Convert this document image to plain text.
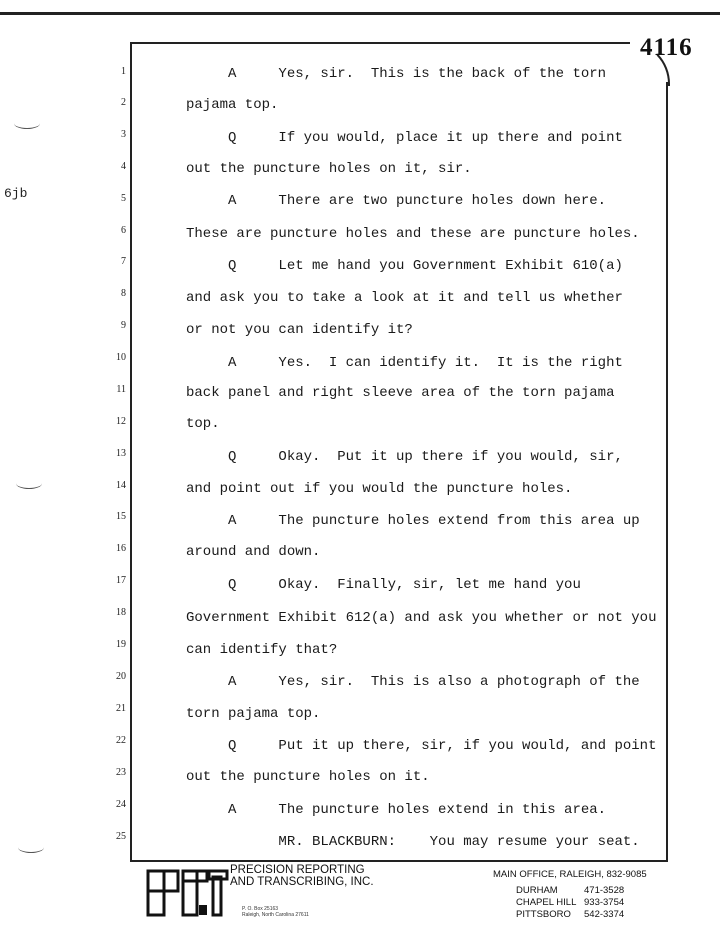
4116
6jb
1	A     Yes, sir.  This is the back of the torn
2	pajama top.
3	Q     If you would, place it up there and point
4	out the puncture holes on it, sir.
5	A     There are two puncture holes down here.
6	These are puncture holes and these are puncture holes.
7	Q     Let me hand you Government Exhibit 610(a)
8	and ask you to take a look at it and tell us whether
9	or not you can identify it?
10	A     Yes.  I can identify it.  It is the right
11	back panel and right sleeve area of the torn pajama
12	top.
13	Q     Okay.  Put it up there if you would, sir,
14	and point out if you would the puncture holes.
15	A     The puncture holes extend from this area up
16	around and down.
17	Q     Okay.  Finally, sir, let me hand you
18	Government Exhibit 612(a) and ask you whether or not you
19	can identify that?
20	A     Yes, sir.  This is also a photograph of the
21	torn pajama top.
22	Q     Put it up there, sir, if you would, and point
23	out the puncture holes on it.
24	A     The puncture holes extend in this area.
25	MR. BLACKBURN:    You may resume your seat.
PRECISION REPORTING
AND TRANSCRIBING, INC.
P. O. Box 25163
Raleigh, North Carolina 27611
MAIN OFFICE, RALEIGH, 832-9085
DURHAM	471-3528
CHAPEL HILL 933-3754
PITTSBORO 542-3374
